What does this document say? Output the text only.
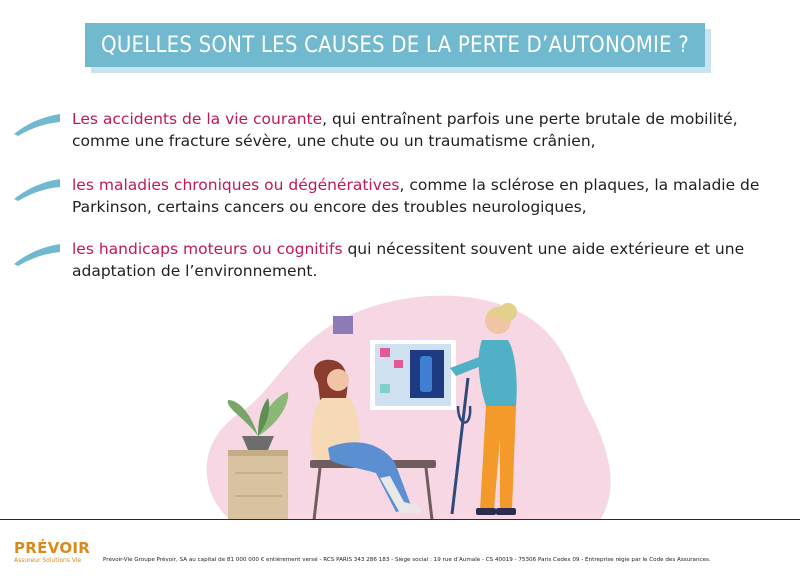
QUELLES SONT LES CAUSES DE LA PERTE D’AUTONOMIE ?
Les accidents de la vie courante, qui entraînent parfois une perte brutale de mobilité, comme une fracture sévère, une chute ou un traumatisme crânien,
les maladies chroniques ou dégénératives, comme la sclérose en plaques, la maladie de Parkinson, certains cancers ou encore des troubles neurologiques,
les handicaps moteurs ou cognitifs qui nécessitent souvent une aide extérieure et une adaptation de l’environnement.
PRÉVOIR
Assureur Solutions Vie	Prévoir-Vie Groupe Prévoir, SA au capital de 81 000 000 € entièrement versé - RCS PARIS 343 286 183 - Siège social : 19 rue d’Aumale - CS 40019 - 75306 Paris Cedex 09 - Entreprise régie par le Code des Assurances.
